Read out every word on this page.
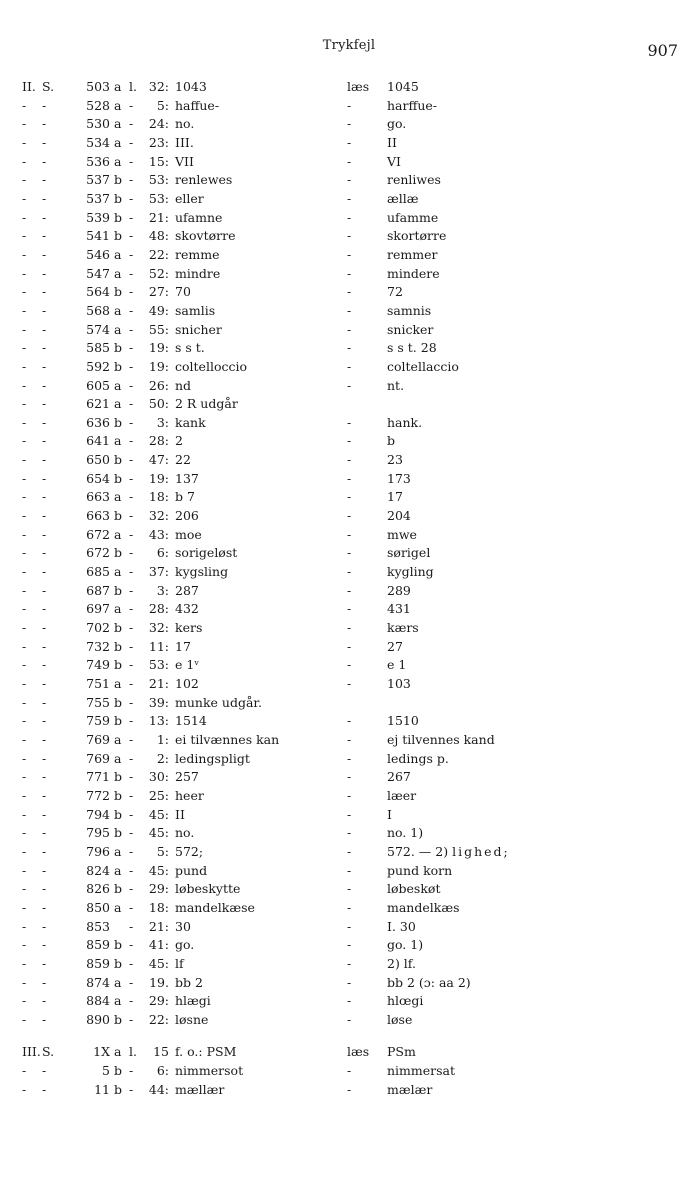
Trykfejl	907
II.	S.	503	a	l.	32:	1043	læs	1045
-	-	528	a	-	5:	haffue-	-	harffue-
-	-	530	a	-	24:	no.	-	go.
-	-	534	a	-	23:	III.	-	II
-	-	536	a	-	15:	VII	-	VI
-	-	537	b	-	53:	renlewes	-	renliwes
-	-	537	b	-	53:	eller	-	ællæ
-	-	539	b	-	21:	ufamne	-	ufamme
-	-	541	b	-	48:	skovtørre	-	skortørre
-	-	546	a	-	22:	remme	-	remmer
-	-	547	a	-	52:	mindre	-	mindere
-	-	564	b	-	27:	70	-	72
-	-	568	a	-	49:	samlis	-	samnis
-	-	574	a	-	55:	snicher	-	snicker
-	-	585	b	-	19:	s s t.	-	s s t. 28
-	-	592	b	-	19:	coltelloccio	-	coltellaccio
-	-	605	a	-	26:	nd	-	nt.
-	-	621	a	-	50:	2 R udgår		
-	-	636	b	-	3:	kank	-	hank.
-	-	641	a	-	28:	2	-	b
-	-	650	b	-	47:	22	-	23
-	-	654	b	-	19:	137	-	173
-	-	663	a	-	18:	b 7	-	17
-	-	663	b	-	32:	206	-	204
-	-	672	a	-	43:	moe	-	mwe
-	-	672	b	-	6:	sorigeløst	-	sørigel
-	-	685	a	-	37:	kygsling	-	kygling
-	-	687	b	-	3:	287	-	289
-	-	697	a	-	28:	432	-	431
-	-	702	b	-	32:	kers	-	kærs
-	-	732	b	-	11:	17	-	27
-	-	749	b	-	53:	e 1ᵛ	-	e 1
-	-	751	a	-	21:	102	-	103
-	-	755	b	-	39:	munke udgår.		
-	-	759	b	-	13:	1514	-	1510
-	-	769	a	-	1:	ei tilvænnes kan	-	ej tilvennes kand
-	-	769	a	-	2:	ledingspligt	-	ledings p.
-	-	771	b	-	30:	257	-	267
-	-	772	b	-	25:	heer	-	læer
-	-	794	b	-	45:	II	-	I
-	-	795	b	-	45:	no.	-	no. 1)
-	-	796	a	-	5:	572;	-	572. — 2) lighed;
-	-	824	a	-	45:	pund	-	pund korn
-	-	826	b	-	29:	løbeskytte	-	løbeskøt
-	-	850	a	-	18:	mandelkæse	-	mandelkæs
-	-	853		-	21:	30	-	I. 30
-	-	859	b	-	41:	go.	-	go. 1)
-	-	859	b	-	45:	lf	-	2) lf.
-	-	874	a	-	19.	bb 2	-	bb 2 (ɔ: aa 2)
-	-	884	a	-	29:	hlægi	-	hlœgi
-	-	890	b	-	22:	løsne	-	løse

III.	S.	1X	a	l.	15	f. o.: PSM	læs	PSm
-	-	5	b	-	6:	nimmersot	-	nimmersat
-	-	11	b	-	44:	mællær	-	mælær
